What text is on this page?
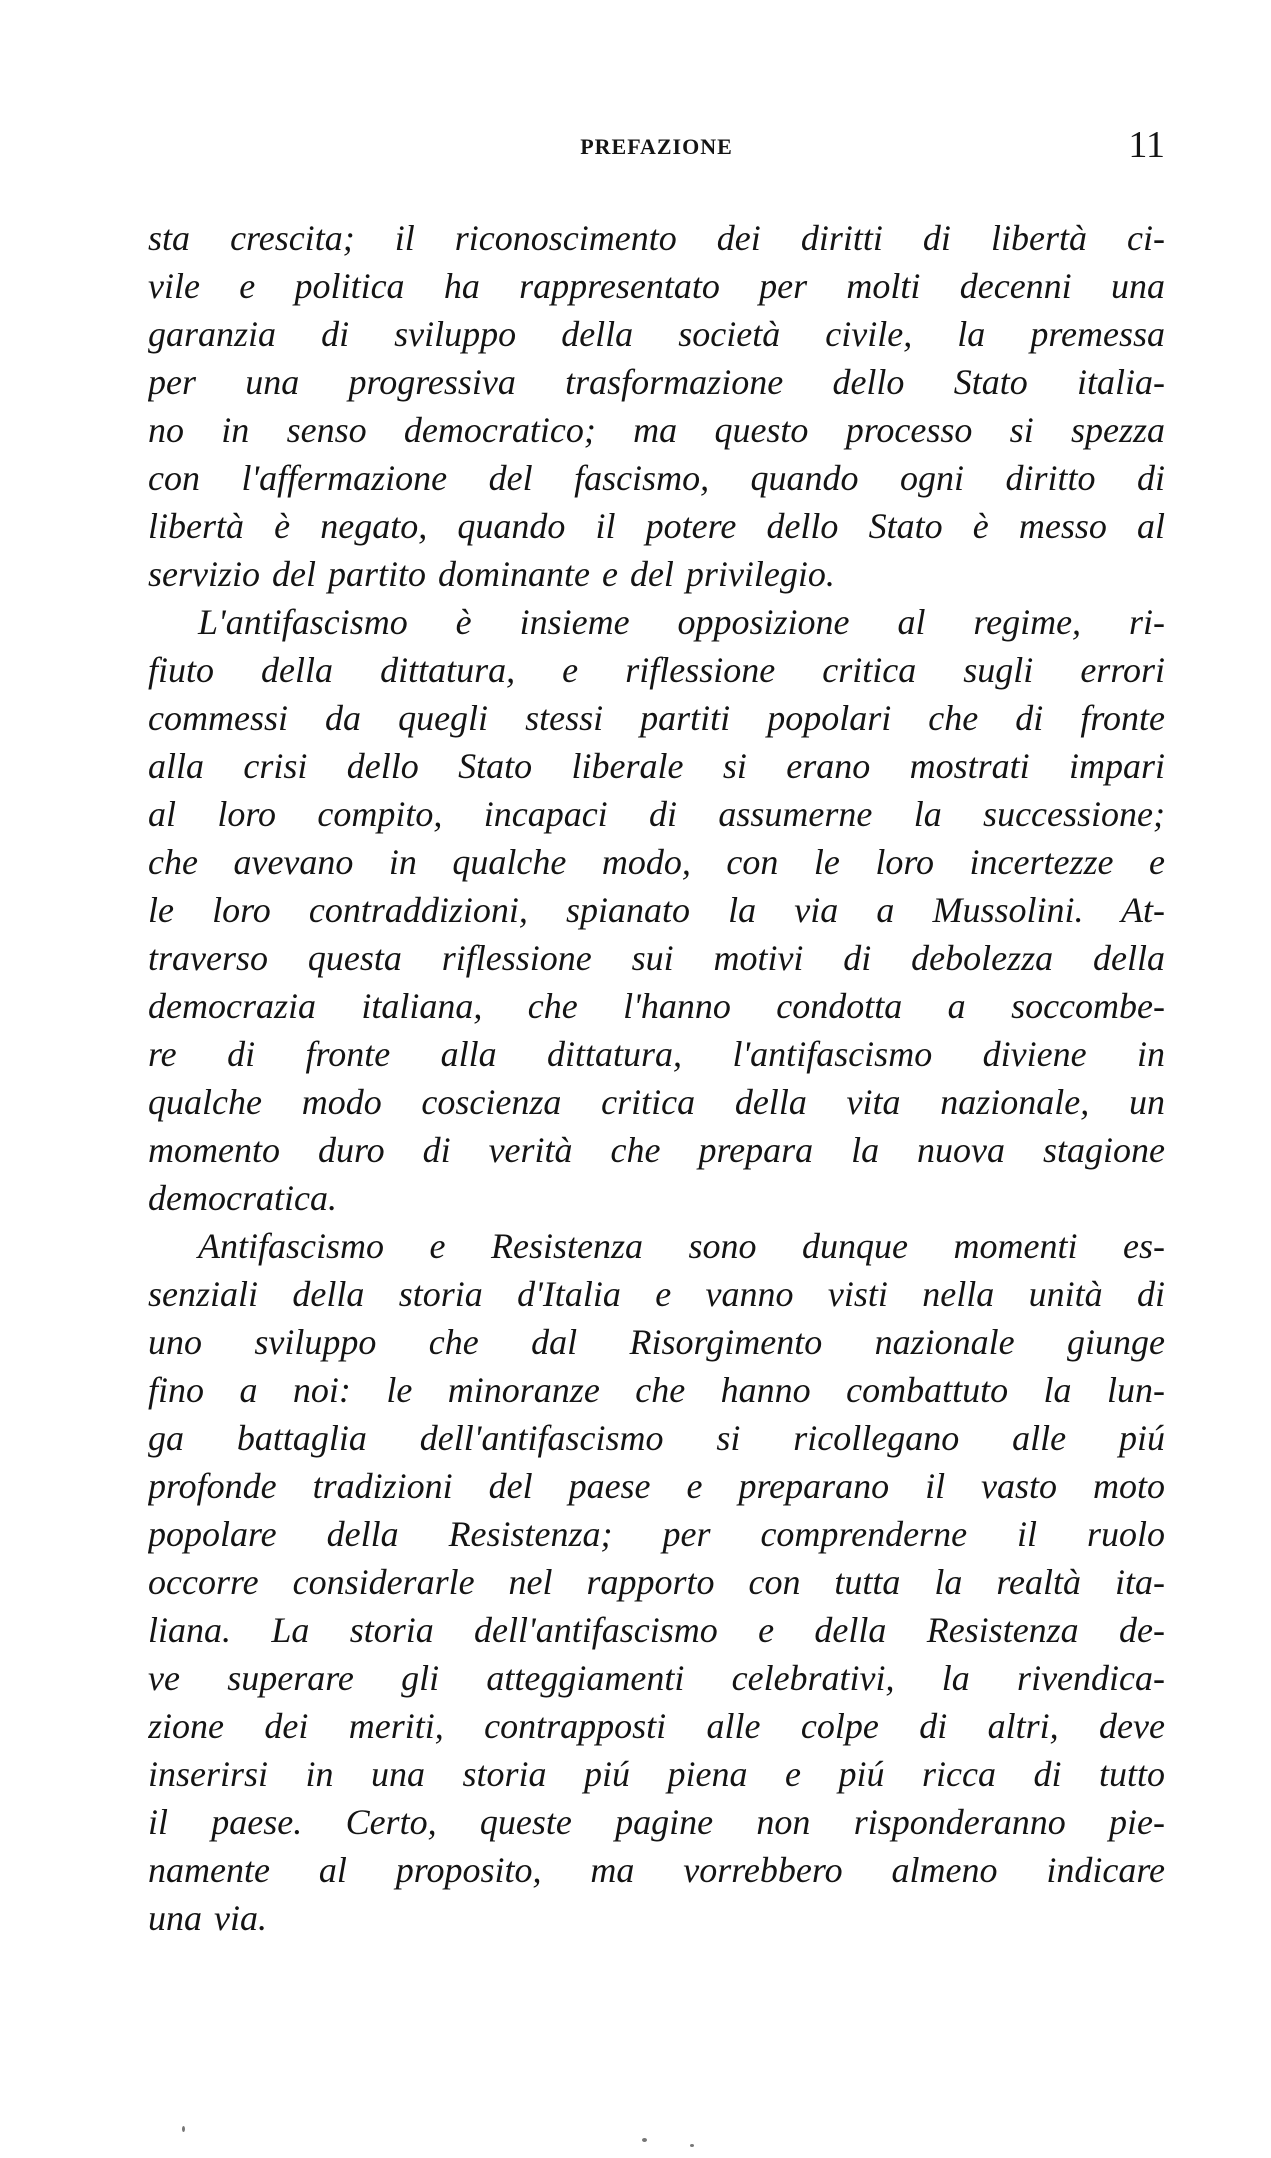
PREFAZIONE	11
sta crescita; il riconoscimento dei diritti di libertà ci-
vile e politica ha rappresentato per molti decenni una
garanzia di sviluppo della società civile, la premessa
per una progressiva trasformazione dello Stato italia-
no in senso democratico; ma questo processo si spezza
con l'affermazione del fascismo, quando ogni diritto di
libertà è negato, quando il potere dello Stato è messo al
servizio del partito dominante e del privilegio.
L'antifascismo è insieme opposizione al regime, ri-
fiuto della dittatura, e riflessione critica sugli errori
commessi da quegli stessi partiti popolari che di fronte
alla crisi dello Stato liberale si erano mostrati impari
al loro compito, incapaci di assumerne la successione;
che avevano in qualche modo, con le loro incertezze e
le loro contraddizioni, spianato la via a Mussolini. At-
traverso questa riflessione sui motivi di debolezza della
democrazia italiana, che l'hanno condotta a soccombe-
re di fronte alla dittatura, l'antifascismo diviene in
qualche modo coscienza critica della vita nazionale, un
momento duro di verità che prepara la nuova stagione
democratica.
Antifascismo e Resistenza sono dunque momenti es-
senziali della storia d'Italia e vanno visti nella unità di
uno sviluppo che dal Risorgimento nazionale giunge
fino a noi: le minoranze che hanno combattuto la lun-
ga battaglia dell'antifascismo si ricollegano alle piú
profonde tradizioni del paese e preparano il vasto moto
popolare della Resistenza; per comprenderne il ruolo
occorre considerarle nel rapporto con tutta la realtà ita-
liana. La storia dell'antifascismo e della Resistenza de-
ve superare gli atteggiamenti celebrativi, la rivendica-
zione dei meriti, contrapposti alle colpe di altri, deve
inserirsi in una storia piú piena e piú ricca di tutto
il paese. Certo, queste pagine non risponderanno pie-
namente al proposito, ma vorrebbero almeno indicare
una via.
